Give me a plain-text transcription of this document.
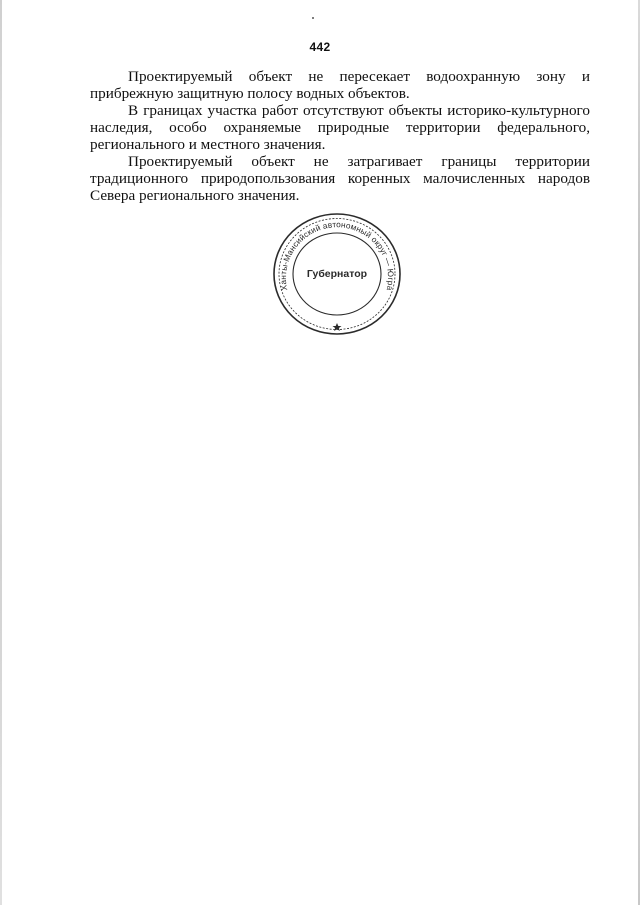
442

Проектируемый объект не пересекает водоохранную зону и прибрежную защитную полосу водных объектов.

В границах участка работ отсутствуют объекты историко-культурного наследия, особо охраняемые природные территории федерального, регионального и местного значения.

Проектируемый объект не затрагивает границы территории традиционного природопользования коренных малочисленных народов Севера регионального значения.

Ханты-Мансийский автономный округ — Югра
Губернатор
